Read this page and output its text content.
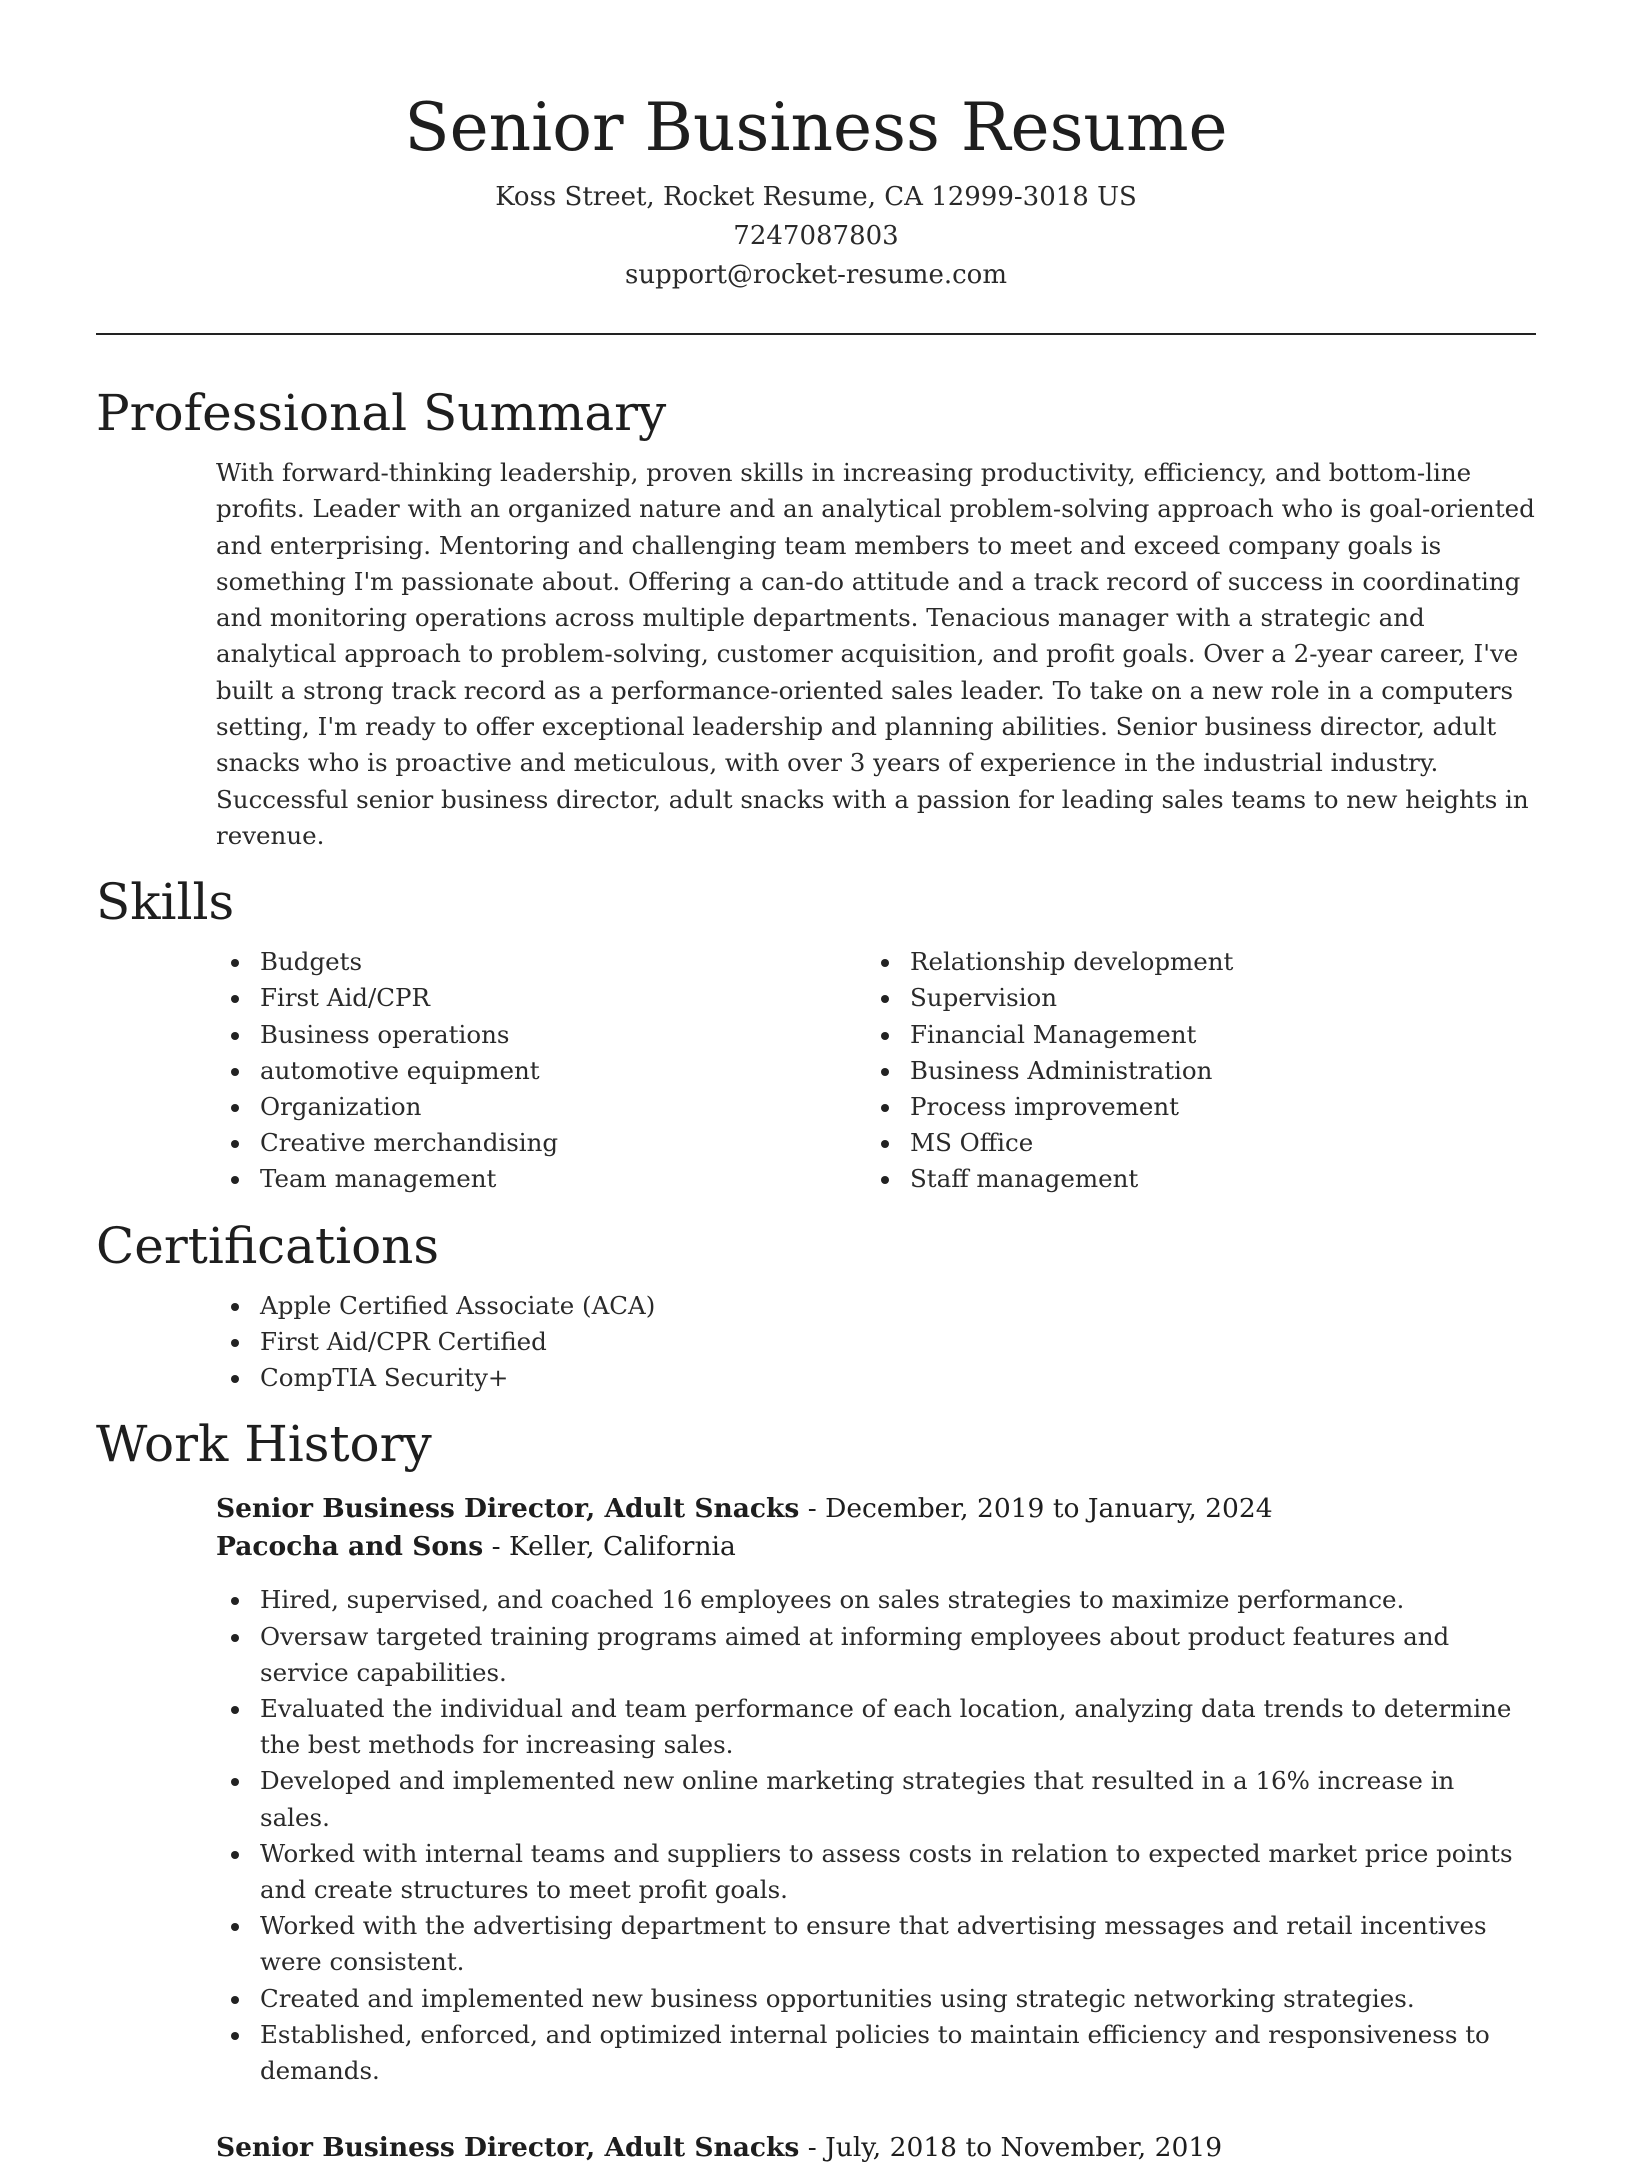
Senior Business Resume
Koss Street, Rocket Resume, CA 12999-3018 US
7247087803
support@rocket-resume.com
Professional Summary

With forward-thinking leadership, proven skills in increasing productivity, efficiency, and bottom-line profits. Leader with an organized nature and an analytical problem-solving approach who is goal-oriented and enterprising. Mentoring and challenging team members to meet and exceed company goals is something I'm passionate about. Offering a can-do attitude and a track record of success in coordinating and monitoring operations across multiple departments. Tenacious manager with a strategic and analytical approach to problem-solving, customer acquisition, and profit goals. Over a 2-year career, I've built a strong track record as a performance-oriented sales leader. To take on a new role in a computers setting, I'm ready to offer exceptional leadership and planning abilities. Senior business director, adult snacks who is proactive and meticulous, with over 3 years of experience in the industrial industry. Successful senior business director, adult snacks with a passion for leading sales teams to new heights in revenue.

Skills
Budgets
First Aid/CPR
Business operations
automotive equipment
Organization
Creative merchandising
Team management
Relationship development
Supervision
Financial Management
Business Administration
Process improvement
MS Office
Staff management
Certifications
Apple Certified Associate (ACA)
First Aid/CPR Certified
CompTIA Security+
Work History
Senior Business Director, Adult Snacks - December, 2019 to January, 2024
Pacocha and Sons - Keller, California
Hired, supervised, and coached 16 employees on sales strategies to maximize performance.
Oversaw targeted training programs aimed at informing employees about product features and service capabilities.
Evaluated the individual and team performance of each location, analyzing data trends to determine the best methods for increasing sales.
Developed and implemented new online marketing strategies that resulted in a 16% increase in sales.
Worked with internal teams and suppliers to assess costs in relation to expected market price points and create structures to meet profit goals.
Worked with the advertising department to ensure that advertising messages and retail incentives were consistent.
Created and implemented new business opportunities using strategic networking strategies.
Established, enforced, and optimized internal policies to maintain efficiency and responsiveness to demands.
Senior Business Director, Adult Snacks - July, 2018 to November, 2019
